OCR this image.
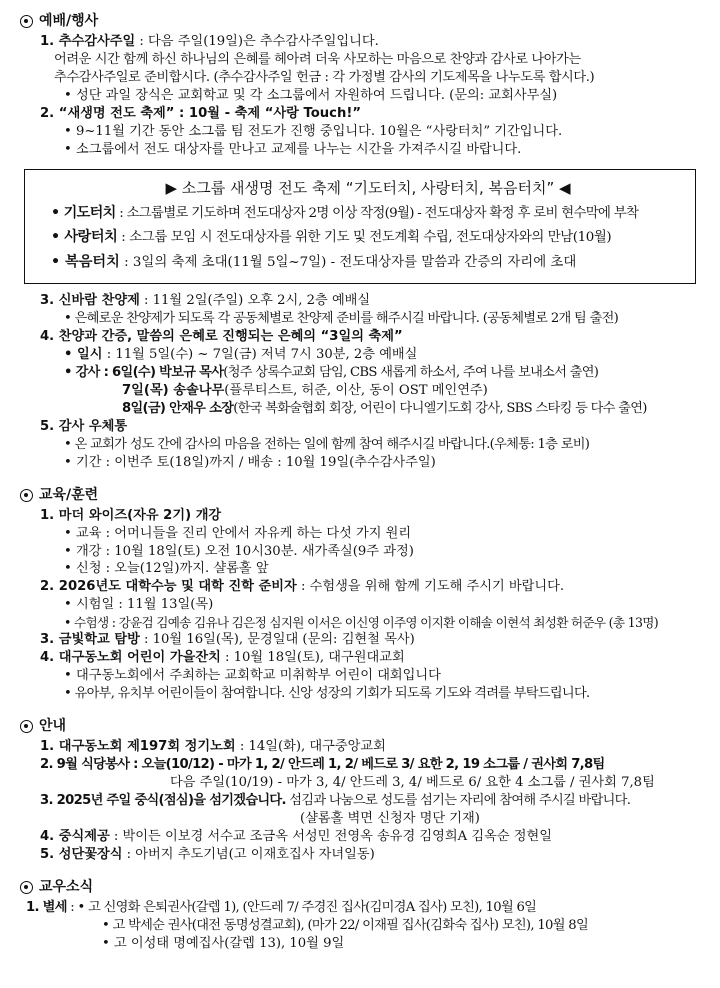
예배/행사
1. 추수감사주일 : 다음 주일(19일)은 추수감사주일입니다.
어려운 시간 함께 하신 하나님의 은혜를 헤아려 더욱 사모하는 마음으로 찬양과 감사로 나아가는
추수감사주일로 준비합시다. (추수감사주일 헌금 : 각 가정별 감사의 기도제목을 나누도록 합시다.)
• 성단 과일 장식은 교회학교 및 각 소그룹에서 자원하여 드립니다. (문의: 교회사무실)
2. “새생명 전도 축제” : 10월 - 축제 “사랑 Touch!”
• 9~11월 기간 동안 소그룹 팀 전도가 진행 중입니다. 10월은 “사랑터치” 기간입니다.
• 소그룹에서 전도 대상자를 만나고 교제를 나누는 시간을 가져주시길 바랍니다.
▶ 소그룹 새생명 전도 축제 “기도터치, 사랑터치, 복음터치” ◀
• 기도터치 : 소그룹별로 기도하며 전도대상자 2명 이상 작정(9월) - 전도대상자 확정 후 로비 현수막에 부착
• 사랑터치 : 소그룹 모임 시 전도대상자를 위한 기도 및 전도계획 수립, 전도대상자와의 만남(10월)
• 복음터치 : 3일의 축제 초대(11월 5일~7일) - 전도대상자를 말씀과 간증의 자리에 초대
3. 신바람 찬양제 : 11월 2일(주일) 오후 2시, 2층 예배실
• 은혜로운 찬양제가 되도록 각 공동체별로 찬양제 준비를 해주시길 바랍니다. (공동체별로 2개 팀 출전)
4. 찬양과 간증, 말씀의 은혜로 진행되는 은혜의 “3일의 축제”
• 일시 : 11월 5일(수) ~ 7일(금) 저녁 7시 30분, 2층 예배실
• 강사 : 6일(수) 박보규 목사(청주 상록수교회 담임, CBS 새롭게 하소서, 주여 나를 보내소서 출연)
7일(목) 송솔나무(플루티스트, 허준, 이산, 동이 OST 메인연주)
8일(금) 안재우 소장(한국 복화술협회 회장, 어린이 다니엘기도회 강사, SBS 스타킹 등 다수 출연)
5. 감사 우체통
• 온 교회가 성도 간에 감사의 마음을 전하는 일에 함께 참여 해주시길 바랍니다.(우체통: 1층 로비)
• 기간 : 이번주 토(18일)까지 / 배송 : 10월 19일(추수감사주일)
교육/훈련
1. 마더 와이즈(자유 2기) 개강
• 교육 : 어머니들을 진리 안에서 자유케 하는 다섯 가지 원리
• 개강 : 10월 18일(토) 오전 10시30분. 새가족실(9주 과정)
• 신청 : 오늘(12일)까지. 샬롬홀 앞
2. 2026년도 대학수능 및 대학 진학 준비자 : 수험생을 위해 함께 기도해 주시기 바랍니다.
• 시험일 : 11월 13일(목)
• 수험생 : 강윤검 김예송 김유나 김은정 심지원 이서은 이신영 이주영 이지환 이해솔 이현석 최성환 허준우 (총 13명)
3. 금빛학교 탐방 : 10월 16일(목), 문경일대 (문의: 김현철 목사)
4. 대구동노회 어린이 가을잔치 : 10월 18일(토), 대구원대교회
• 대구동노회에서 주최하는 교회학교 미취학부 어린이 대회입니다
• 유아부, 유치부 어린이들이 참여합니다. 신앙 성장의 기회가 되도록 기도와 격려를 부탁드립니다.
안내
1. 대구동노회 제197회 정기노회 : 14일(화), 대구중앙교회
2. 9월 식당봉사 : 오늘(10/12) - 마가 1, 2/ 안드레 1, 2/ 베드로 3/ 요한 2, 19 소그룹 / 권사회 7,8팀
다음 주일(10/19) - 마가 3, 4/ 안드레 3, 4/ 베드로 6/ 요한 4 소그룹 / 권사회 7,8팀
3. 2025년 주일 중식(점심)을 섬기겠습니다. 섬김과 나눔으로 성도를 섬기는 자리에 참여해 주시길 바랍니다.
(샬롬홀 벽면 신청자 명단 기재)
4. 중식제공 : 박이든 이보경 서수교 조금옥 서성민 전영옥 송유경 김영희A 김옥순 정현일
5. 성단꽃장식 : 아버지 추도기념(고 이재호집사 자녀일동)
교우소식
1. 별세 : • 고 신영화 은퇴권사(갈렙 1), (안드레 7/ 주경진 집사(김미경A 집사) 모친), 10월 6일
• 고 박세순 권사(대전 동명성결교회), (마가 22/ 이재필 집사(김화숙 집사) 모친), 10월 8일
• 고 이성태 명예집사(갈렙 13), 10월 9일
